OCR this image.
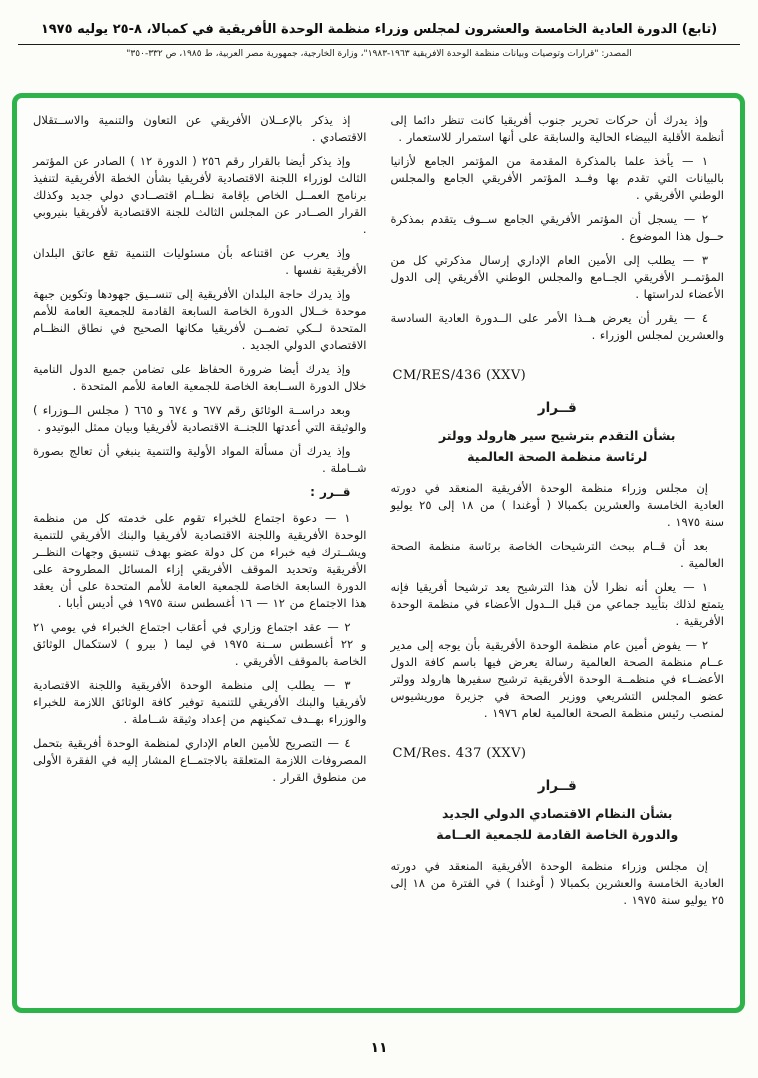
(تابع) الدورة العادية الخامسة والعشرون لمجلس وزراء منظمة الوحدة الأفريقية في كمبالا، ٨-٢٥ يوليه ١٩٧٥
المصدر: "قرارات وتوصيات وبيانات منظمة الوحدة الأفريقية ١٩٦٣-١٩٨٣"، وزارة الخارجية، جمهورية مصر العربية، ط ١٩٨٥، ص ٣٣٢-٣٥٠"

وإذ يدرك أن حركات تحرير جنوب أفريقيا كانت تنظر دائما إلى أنظمة الأقلية البيضاء الحالية والسابقة على أنها استمرار للاستعمار .

١ — يأخذ علما بالمذكرة المقدمة من المؤتمر الجامع لأزانيا بالبيانات التي تقدم بها وفــد المؤتمر الأفريقي الجامع والمجلس الوطني الأفريقي .

٢ — يسجل أن المؤتمر الأفريقي الجامع ســوف يتقدم بمذكرة حــول هذا الموضوع .

٣ — يطلب إلى الأمين العام الإداري إرسال مذكرتي كل من المؤتمــر الأفريقي الجــامع والمجلس الوطني الأفريقي إلى الدول الأعضاء لدراستها .

٤ — يقرر أن يعرض هــذا الأمر على الــدورة العادية السادسة والعشرين لمجلس الوزراء .

CM/RES/436 (XXV)
قــرار
بشأن التقدم بترشيح سير هارولد وولتر
لرئاسة منظمة الصحة العالمية

إن مجلس وزراء منظمة الوحدة الأفريقية المنعقد في دورته العادية الخامسة والعشرين بكمبالا ( أوغندا ) من ١٨ إلى ٢٥ يوليو سنة ١٩٧٥ .

بعد أن قــام ببحث الترشيحات الخاصة برئاسة منظمة الصحة العالمية .

١ — يعلن أنه نظرا لأن هذا الترشيح يعد ترشيحا أفريقيا فإنه يتمتع لذلك بتأييد جماعي من قبل الــدول الأعضاء في منظمة الوحدة الأفريقية .

٢ — يفوض أمين عام منظمة الوحدة الأفريقية بأن يوجه إلى مدير عــام منظمة الصحة العالمية رسالة يعرض فيها باسم كافة الدول الأعضــاء في منظمــة الوحدة الأفريقية ترشيح سفيرها هارولد وولتر عضو المجلس التشريعي ووزير الصحة في جزيرة موريشيوس لمنصب رئيس منظمة الصحة العالمية لعام ١٩٧٦ .

CM/Res. 437 (XXV)
قــرار
بشأن النظام الاقتصادي الدولي الجديد
والدورة الخاصة القادمة للجمعية العــامة

إن مجلس وزراء منظمة الوحدة الأفريقية المنعقد في دورته العادية الخامسة والعشرين بكمبالا ( أوغندا ) في الفترة من ١٨ إلى ٢٥ يوليو سنة ١٩٧٥ .

إذ يذكر بالإعــلان الأفريقي عن التعاون والتنمية والاســتقلال الاقتصادي .

وإذ يذكر أيضا بالقرار رقم ٢٥٦ ( الدورة ١٢ ) الصادر عن المؤتمر الثالث لوزراء اللجنة الاقتصادية لأفريقيا بشأن الخطة الأفريقية لتنفيذ برنامج العمــل الخاص بإقامة نظــام اقتصــادي دولي جديد وكذلك القرار الصــادر عن المجلس الثالث للجنة الاقتصادية لأفريقيا بنيروبي .

وإذ يعرب عن اقتناعه بأن مسئوليات التنمية تقع عاتق البلدان الأفريقية نفسها .

وإذ يدرك حاجة البلدان الأفريقية إلى تنســيق جهودها وتكوين جبهة موحدة خــلال الدورة الخاصة السابعة القادمة للجمعية العامة للأمم المتحدة لــكي تضمــن لأفريقيا مكانها الصحيح في نطاق النظــام الاقتصادي الدولي الجديد .

وإذ يدرك أيضا ضرورة الحفاظ على تضامن جميع الدول النامية خلال الدورة الســابعة الخاصة للجمعية العامة للأمم المتحدة .

وبعد دراســة الوثائق رقم ٦٧٧ و ٦٧٤ و ٦٦٥ ( مجلس الــوزراء ) والوثيقة التي أعدتها اللجنــة الاقتصادية لأفريقيا وبيان ممثل البوتيدو .

وإذ يدرك أن مسألة المواد الأولية والتنمية ينبغي أن تعالج بصورة شــاملة .

قــرر :

١ — دعوة اجتماع للخبراء تقوم على خدمته كل من منظمة الوحدة الأفريقية واللجنة الاقتصادية لأفريقيا والبنك الأفريقي للتنمية ويشــترك فيه خبراء من كل دولة عضو بهدف تنسيق وجهات النظــر الأفريقية وتحديد الموقف الأفريقي إزاء المسائل المطروحة على الدورة السابعة الخاصة للجمعية العامة للأمم المتحدة على أن يعقد هذا الاجتماع من ١٢ — ١٦ أغسطس سنة ١٩٧٥ في أديس أبابا .

٢ — عقد اجتماع وزاري في أعقاب اجتماع الخبراء في يومي ٢١ و ٢٢ أغسطس ســنة ١٩٧٥ في ليما ( بيرو ) لاستكمال الوثائق الخاصة بالموقف الأفريقي .

٣ — يطلب إلى منظمة الوحدة الأفريقية واللجنة الاقتصادية لأفريقيا والبنك الأفريقي للتنمية توفير كافة الوثائق اللازمة للخبراء والوزراء بهــدف تمكينهم من إعداد وثيقة شــاملة .

٤ — التصريح للأمين العام الإداري لمنظمة الوحدة أفريقية بتحمل المصروفات اللازمة المتعلقة بالاجتمــاع المشار إليه في الفقرة الأولى من منطوق القرار .

١١
